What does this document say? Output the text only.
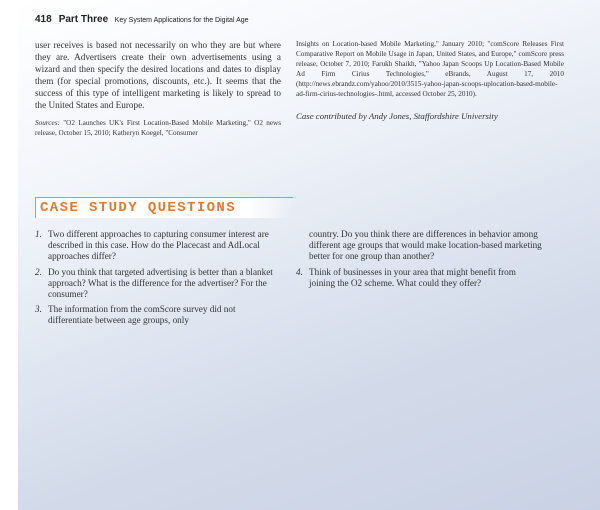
418 Part Three Key System Applications for the Digital Age

user receives is based not necessarily on who they are but where they are. Advertisers create their own advertisements using a wizard and then specify the desired locations and dates to display them (for special promotions, discounts, etc.). It seems that the success of this type of intelligent marketing is likely to spread to the United States and Europe.

Sources: "O2 Launches UK's First Location-Based Mobile Marketing," O2 news release, October 15, 2010; Katheryn Koegel, "Consumer

Insights on Location-based Mobile Marketing," January 2010; "comScore Releases First Comparative Report on Mobile Usage in Japan, United States, and Europe," comScore press release, October 7, 2010; Farukh Shaikh, "Yahoo Japan Scoops Up Location-Based Mobile Ad Firm Cirius Technologies," eBrands, August 17, 2010 (http://news.ebrandz.com/yahoo/2010/3515-yahoo-japan-scoops-uplocation-based-mobile-ad-firm-cirius-technologies-.html, accessed October 25, 2010).

Case contributed by Andy Jones, Staffordshire University

CASE STUDY QUESTIONS
1. Two different approaches to capturing consumer interest are described in this case. How do the Placecast and AdLocal approaches differ?
2. Do you think that targeted advertising is better than a blanket approach? What is the difference for the advertiser? For the consumer?
3. The information from the comScore survey did not differentiate between age groups, only
country. Do you think there are differences in behavior among different age groups that would make location-based marketing better for one group than another?
4. Think of businesses in your area that might benefit from joining the O2 scheme. What could they offer?
